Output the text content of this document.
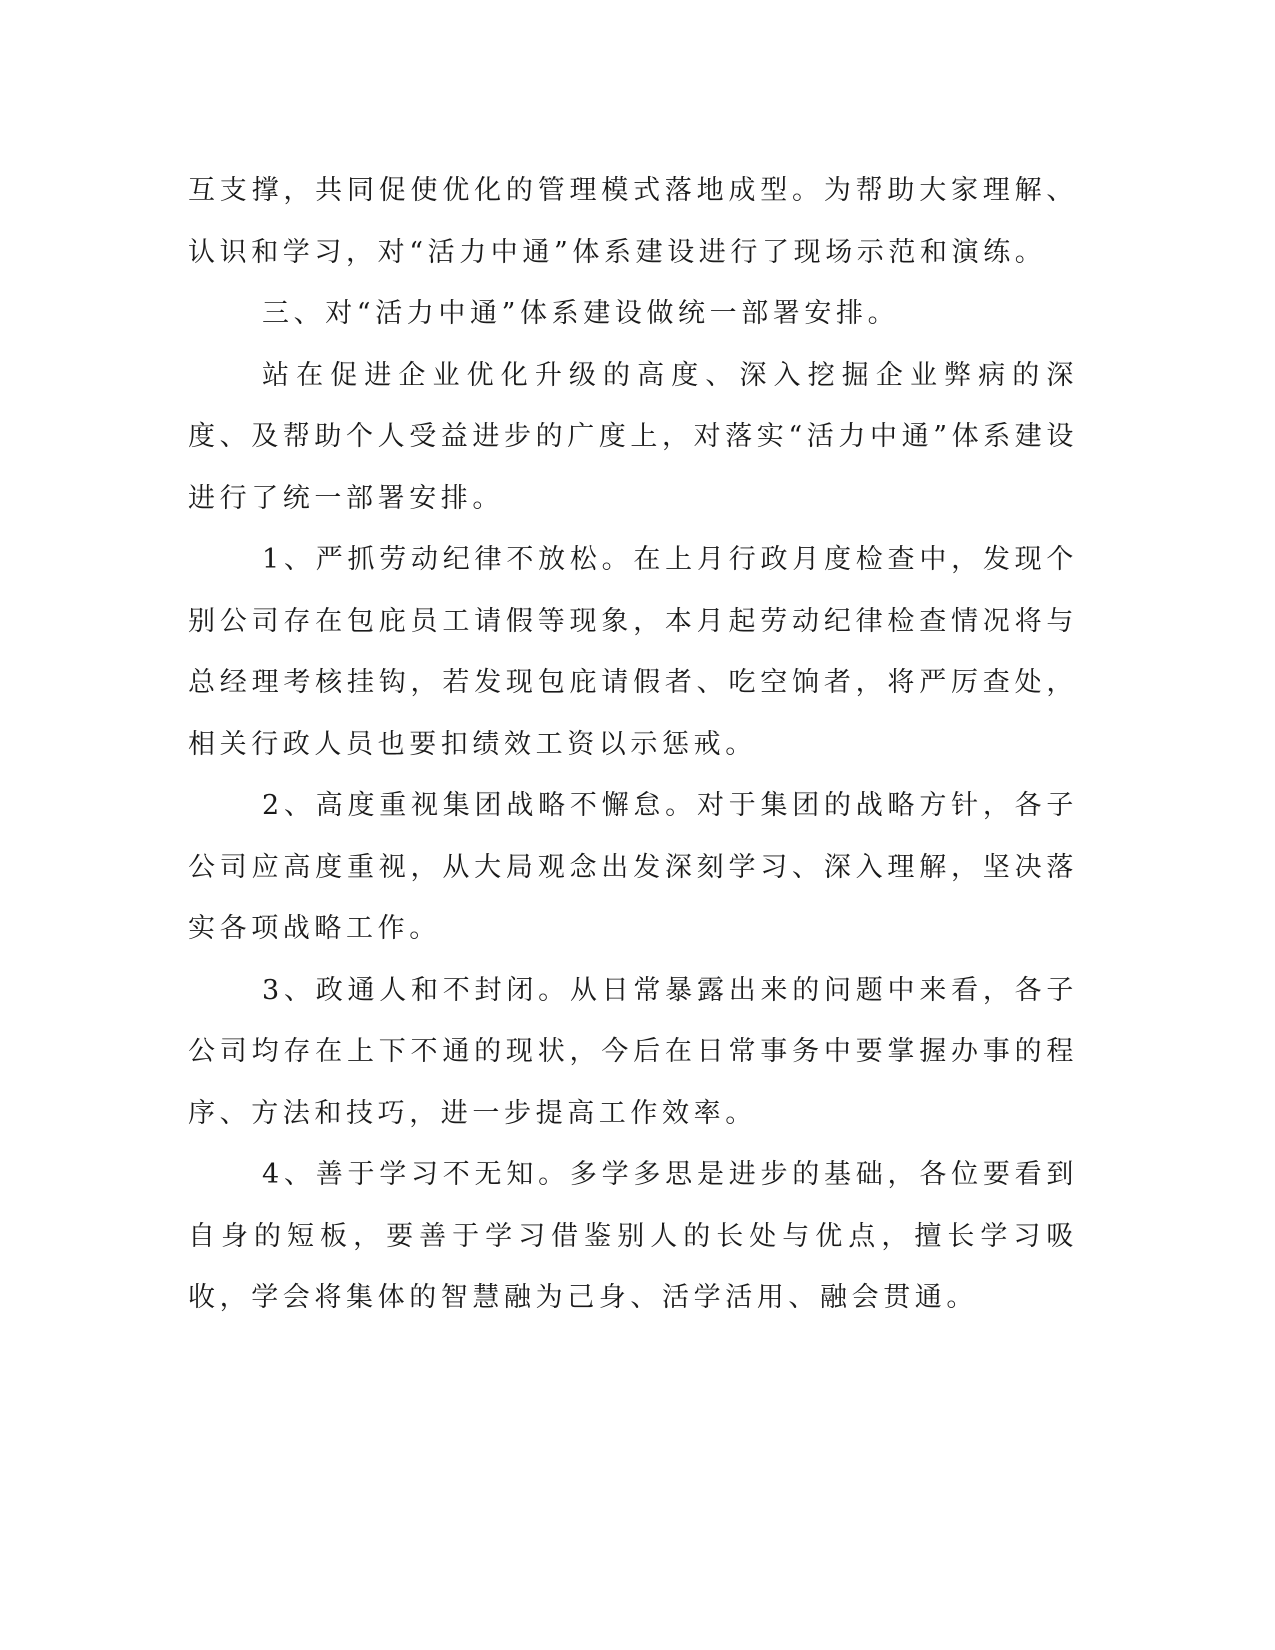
互支撑，共同促使优化的管理模式落地成型。为帮助大家理解、认识和学习，对“活力中通”体系建设进行了现场示范和演练。

三、对“活力中通”体系建设做统一部署安排。

站在促进企业优化升级的高度、深入挖掘企业弊病的深度、及帮助个人受益进步的广度上，对落实“活力中通”体系建设进行了统一部署安排。

1、严抓劳动纪律不放松。在上月行政月度检查中，发现个别公司存在包庇员工请假等现象，本月起劳动纪律检查情况将与总经理考核挂钩，若发现包庇请假者、吃空饷者，将严厉查处，相关行政人员也要扣绩效工资以示惩戒。

2、高度重视集团战略不懈怠。对于集团的战略方针，各子公司应高度重视，从大局观念出发深刻学习、深入理解，坚决落实各项战略工作。

3、政通人和不封闭。从日常暴露出来的问题中来看，各子公司均存在上下不通的现状，今后在日常事务中要掌握办事的程序、方法和技巧，进一步提高工作效率。

4、善于学习不无知。多学多思是进步的基础，各位要看到自身的短板，要善于学习借鉴别人的长处与优点，擅长学习吸收，学会将集体的智慧融为己身、活学活用、融会贯通。
